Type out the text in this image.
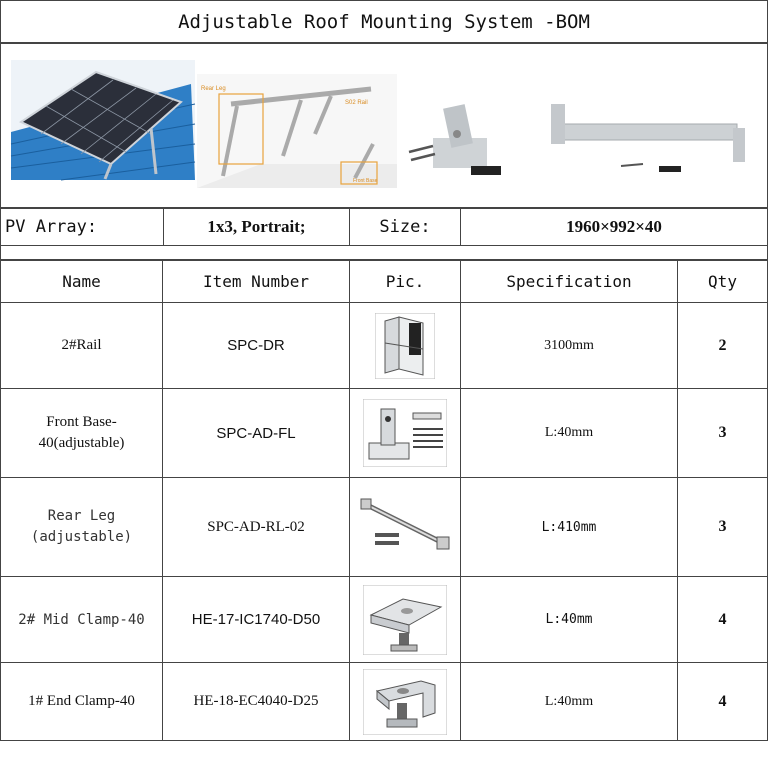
Adjustable Roof Mounting System -BOM
Rear Leg
S02 Rail
Front Base
PV Array:	1x3, Portrait;	Size:	1960×992×40
Name	Item Number	Pic.	Specification	Qty
2#Rail	SPC-DR	3100mm	2
Front Base-
40(adjustable)
SPC-AD-FL	L:40mm	3
Rear Leg
(adjustable)
SPC-AD-RL-02	L:410mm	3
2# Mid Clamp-40	HE-17-IC1740-D50	L:40mm	4
1# End Clamp-40	HE-18-EC4040-D25	L:40mm	4
